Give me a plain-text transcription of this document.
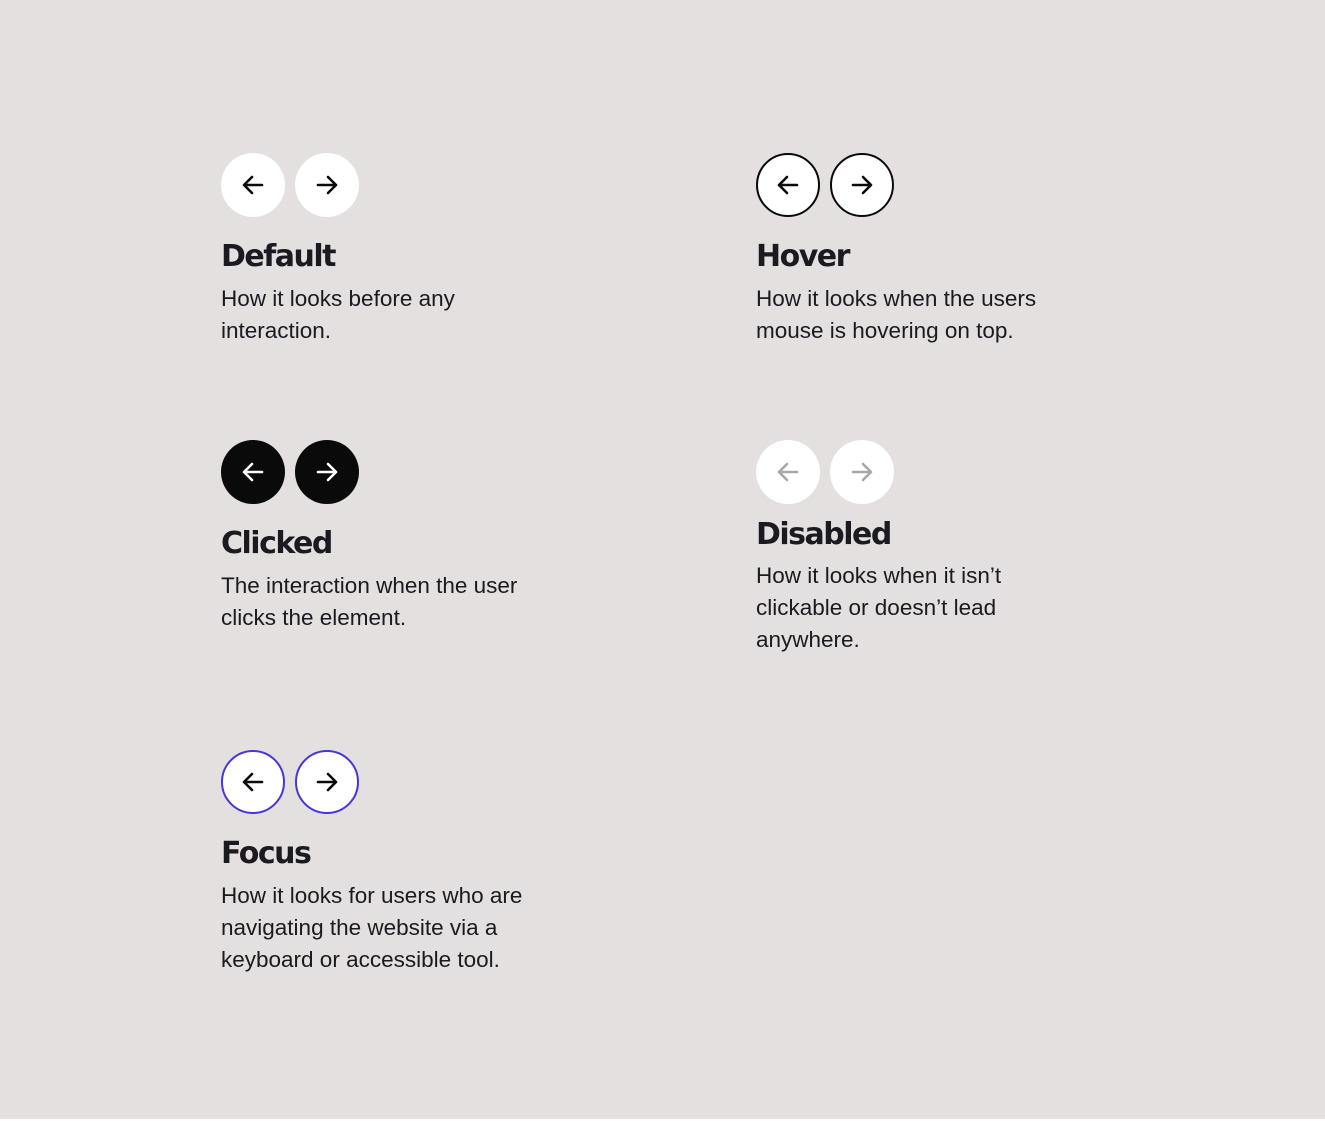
Default

How it looks before any interaction.

Hover

How it looks when the users mouse is hovering on top.

Clicked

The interaction when the user clicks the element.

Disabled

How it looks when it isn’t clickable or doesn’t lead anywhere.

Focus

How it looks for users who are navigating the website via a keyboard or accessible tool.
